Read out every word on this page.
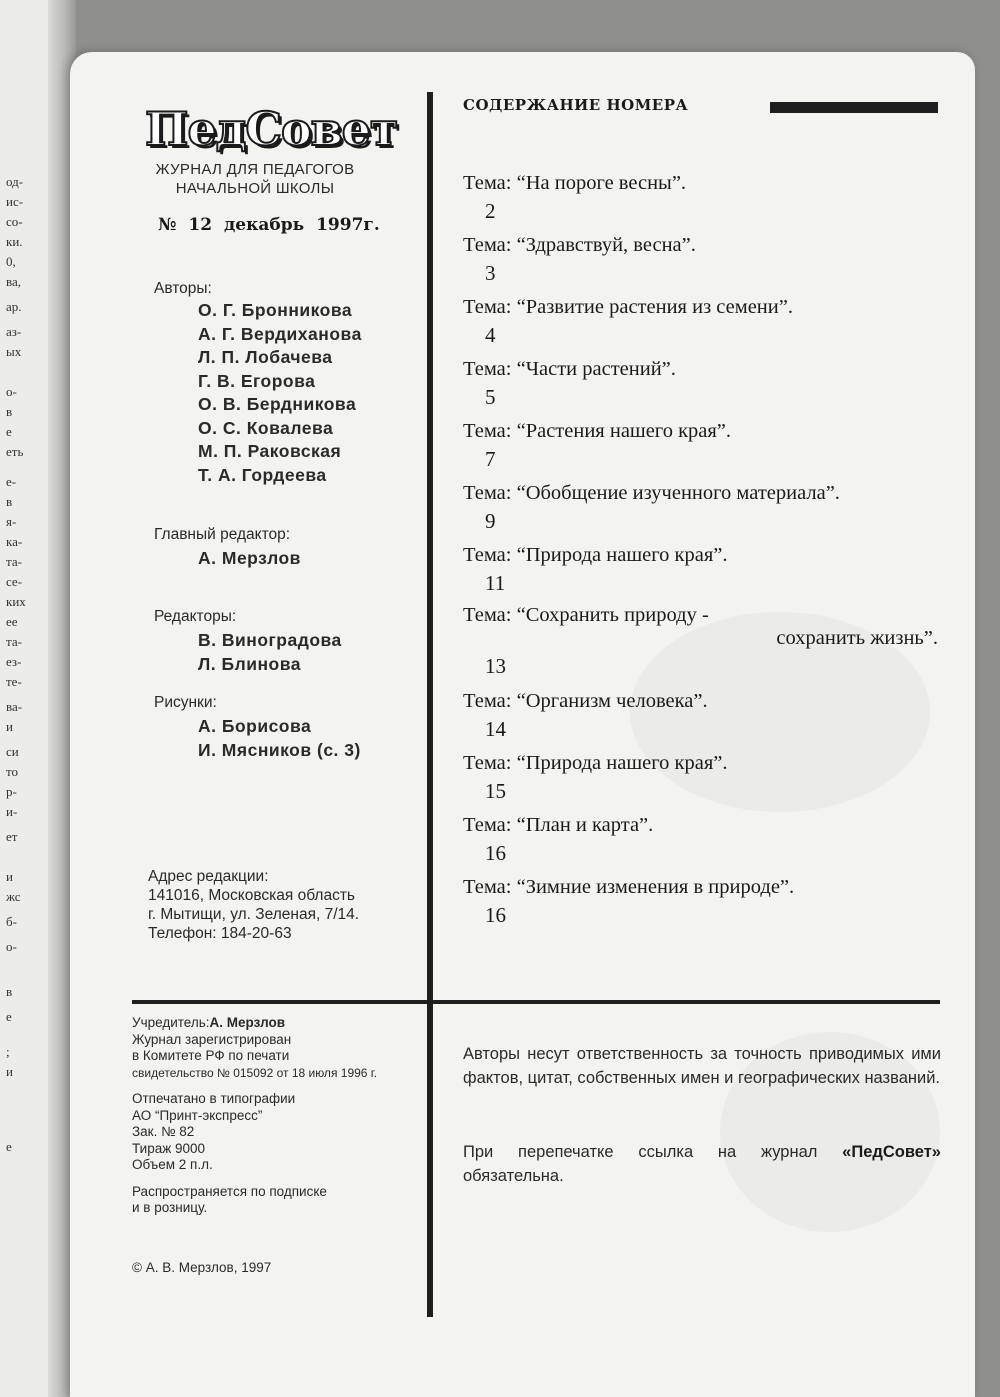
од-
ис-
со-
ки.
0,
ва,
ар.
аз-
ых
о-
в
е
еть
е-
в
я-
ка-
та-
се-
ких
ее
та-
ез-
те-
ва-
и
си
то
р-
и-
ет
и
жс
б-
о-
в
е
;
и
е
ПедСовет
ЖУРНАЛ ДЛЯ ПЕДАГОГОВ
НАЧАЛЬНОЙ ШКОЛЫ
№ 12 декабрь 1997г.
Авторы:
О. Г. Бронникова
А. Г. Вердиханова
Л. П. Лобачева
Г. В. Егорова
О. В. Бердникова
О. С. Ковалева
М. П. Раковская
Т. А. Гордеева
Главный редактор:
А. Мерзлов
Редакторы:
В. Виноградова
Л. Блинова
Рисунки:
А. Борисова
И. Мясников (с. 3)
Адрес редакции:
141016, Московская область
г. Мытищи, ул. Зеленая, 7/14.
Телефон: 184-20-63
Учредитель:А. Мерзлов
Журнал зарегистрирован
в Комитете РФ по печати
свидетельство № 015092 от 18 июля 1996 г.
Отпечатано в типографии
АО “Принт-экспресс”
Зак. № 82
Тираж 9000
Объем 2 п.л.
Распространяется по подписке
и в розницу.
© А. В. Мерзлов, 1997
СОДЕРЖАНИЕ НОМЕРА
Тема: “На пороге весны”.
2
Тема: “Здравствуй, весна”.
3
Тема: “Развитие растения из семени”.
4
Тема: “Части растений”.
5
Тема: “Растения нашего края”.
7
Тема: “Обобщение изученного материала”.
9
Тема: “Природа нашего края”.
11
Тема: “Сохранить природу -
сохранить жизнь”.
13
Тема: “Организм человека”.
14
Тема: “Природа нашего края”.
15
Тема: “План и карта”.
16
Тема: “Зимние изменения в природе”.
16
Авторы несут ответственность за точность приводимых ими фактов, цитат, собственных имен и географических названий.
При перепечатке ссылка на журнал «ПедСовет» обязательна.
